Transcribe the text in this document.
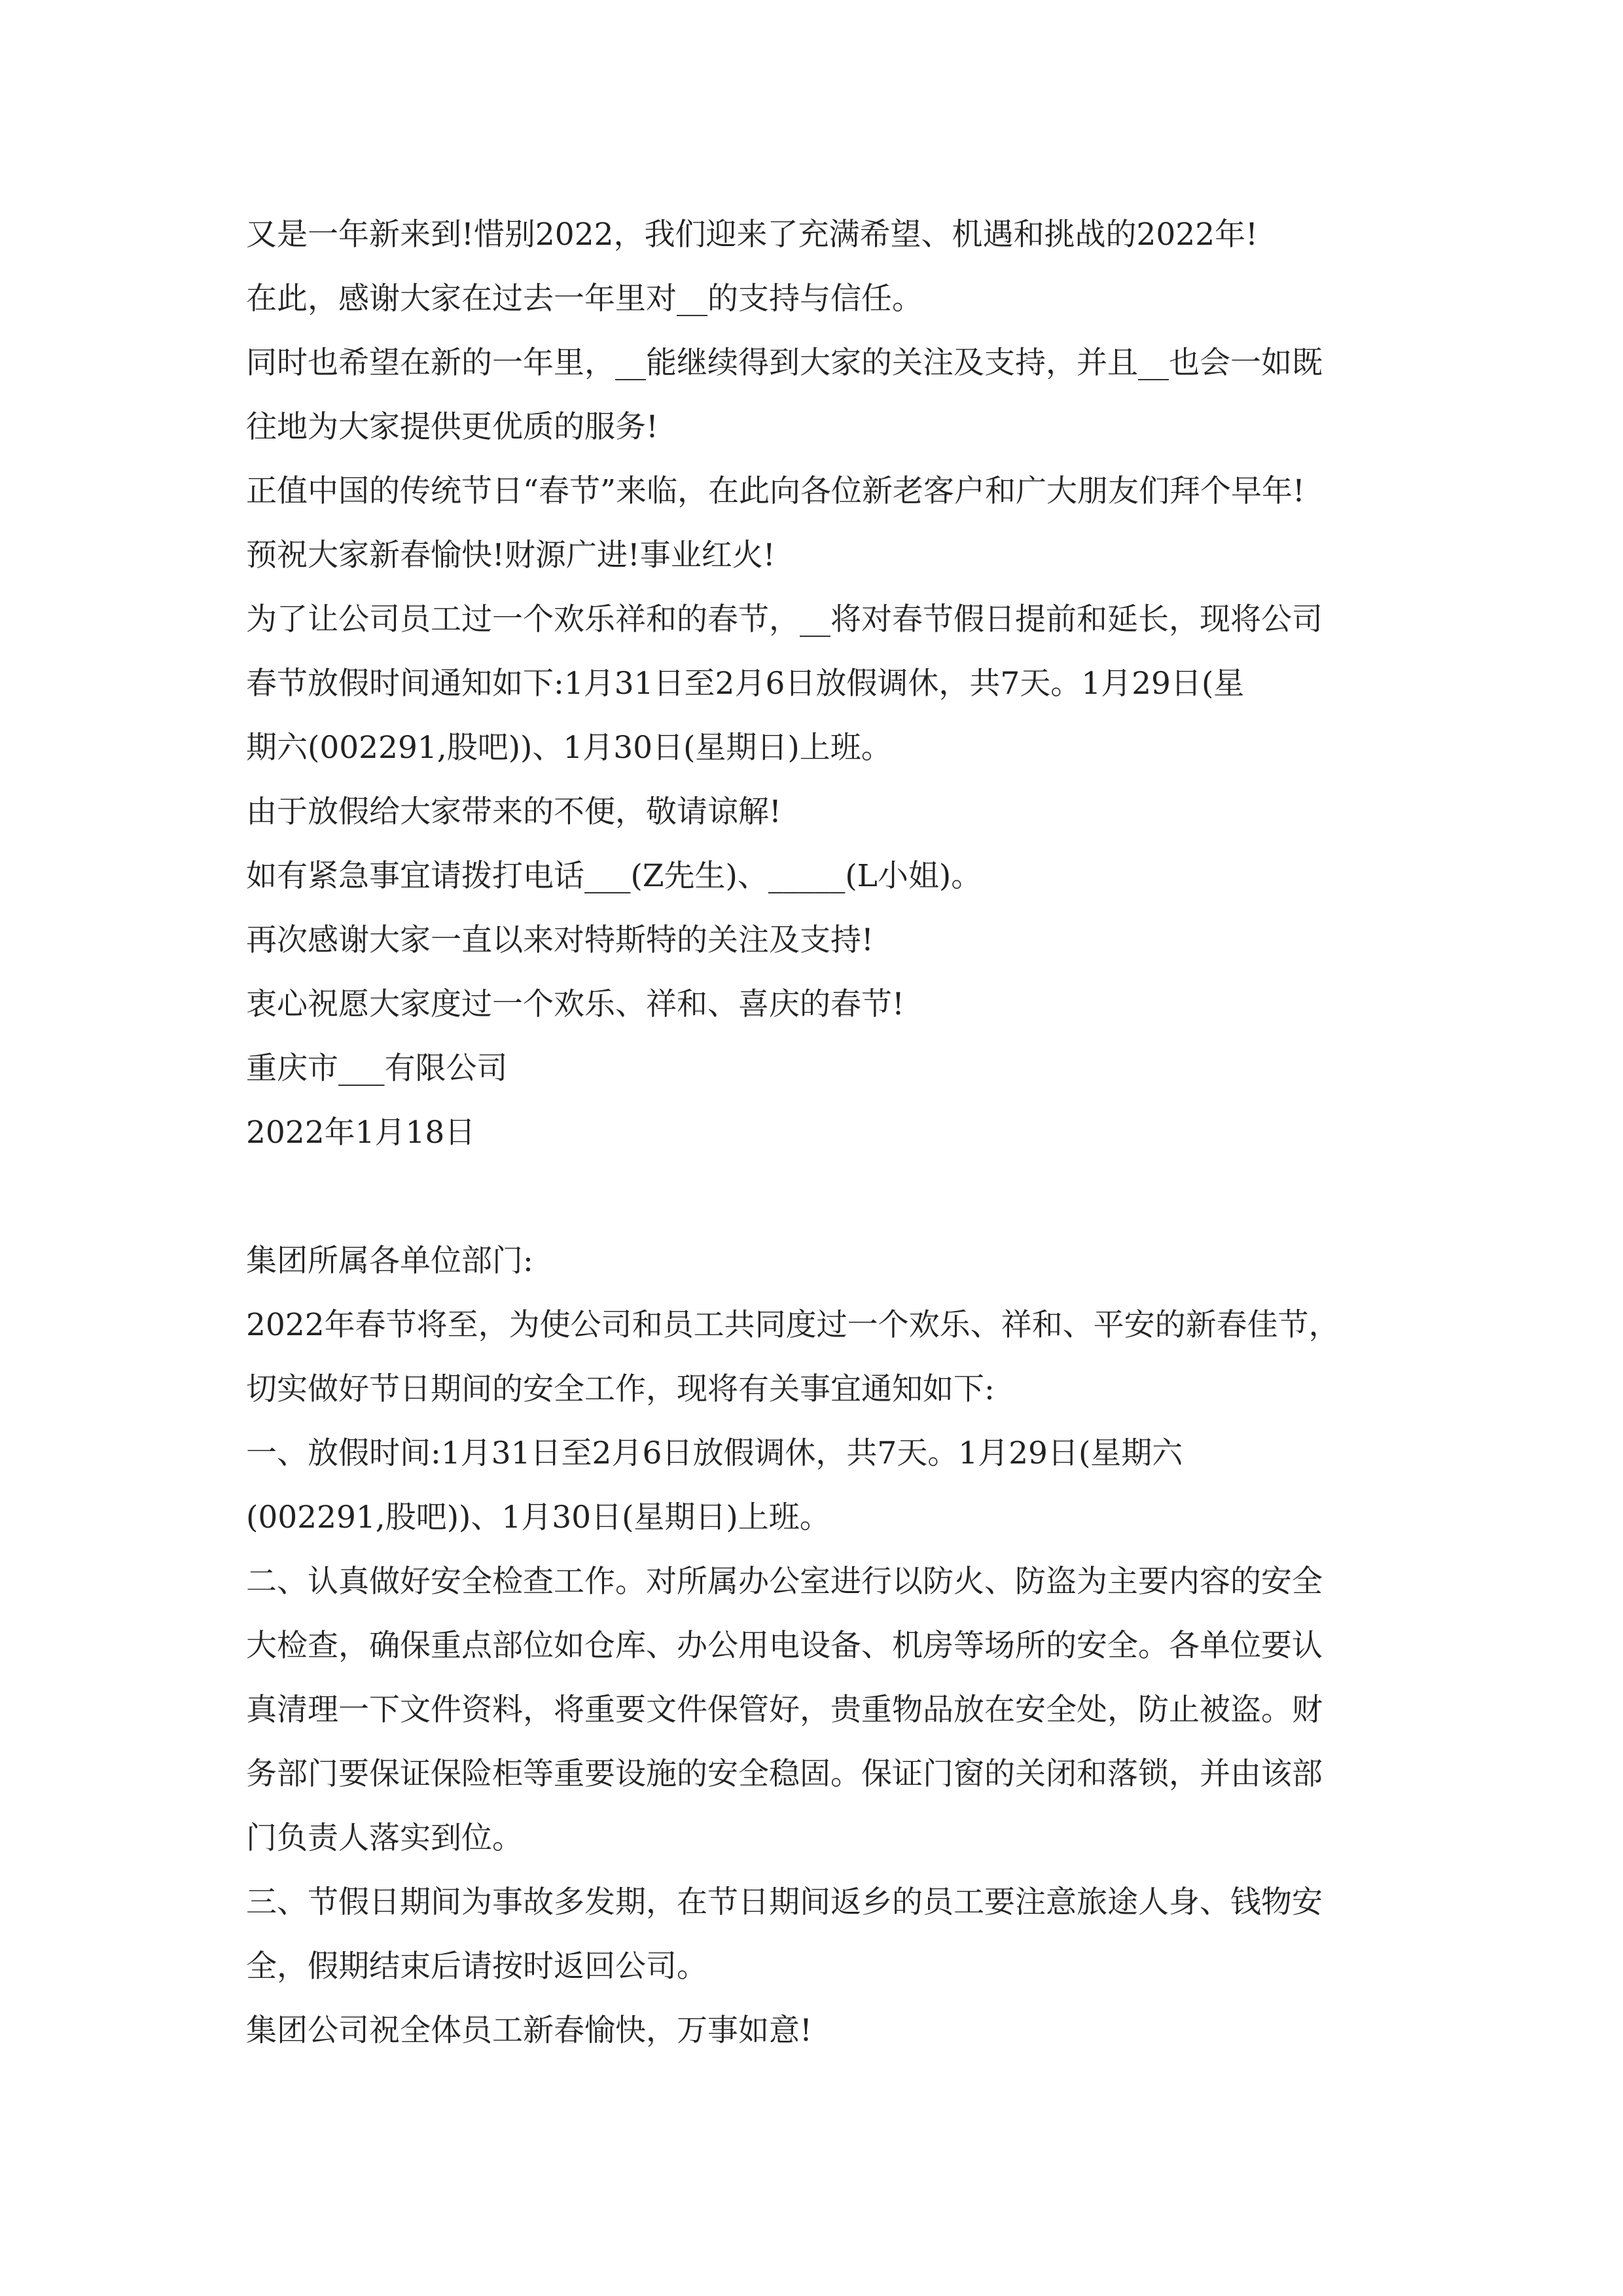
又是一年新来到!惜别2022，我们迎来了充满希望、机遇和挑战的2022年!

在此，感谢大家在过去一年里对__的支持与信任。

同时也希望在新的一年里，__能继续得到大家的关注及支持，并且__也会一如既

往地为大家提供更优质的服务!

正值中国的传统节日“春节”来临，在此向各位新老客户和广大朋友们拜个早年!

预祝大家新春愉快!财源广进!事业红火!

为了让公司员工过一个欢乐祥和的春节，__将对春节假日提前和延长，现将公司

春节放假时间通知如下:1月31日至2月6日放假调休，共7天。1月29日(星

期六(002291,股吧))、1月30日(星期日)上班。

由于放假给大家带来的不便，敬请谅解!

如有紧急事宜请拨打电话___(Z先生)、_____(L小姐)。

再次感谢大家一直以来对特斯特的关注及支持!

衷心祝愿大家度过一个欢乐、祥和、喜庆的春节!

重庆市___有限公司

2022年1月18日

集团所属各单位部门:

2022年春节将至，为使公司和员工共同度过一个欢乐、祥和、平安的新春佳节，

切实做好节日期间的安全工作，现将有关事宜通知如下:

一、放假时间:1月31日至2月6日放假调休，共7天。1月29日(星期六

(002291,股吧))、1月30日(星期日)上班。

二、认真做好安全检查工作。对所属办公室进行以防火、防盗为主要内容的安全

大检查，确保重点部位如仓库、办公用电设备、机房等场所的安全。各单位要认

真清理一下文件资料，将重要文件保管好，贵重物品放在安全处，防止被盗。财

务部门要保证保险柜等重要设施的安全稳固。保证门窗的关闭和落锁，并由该部

门负责人落实到位。

三、节假日期间为事故多发期，在节日期间返乡的员工要注意旅途人身、钱物安

全，假期结束后请按时返回公司。

集团公司祝全体员工新春愉快，万事如意!
